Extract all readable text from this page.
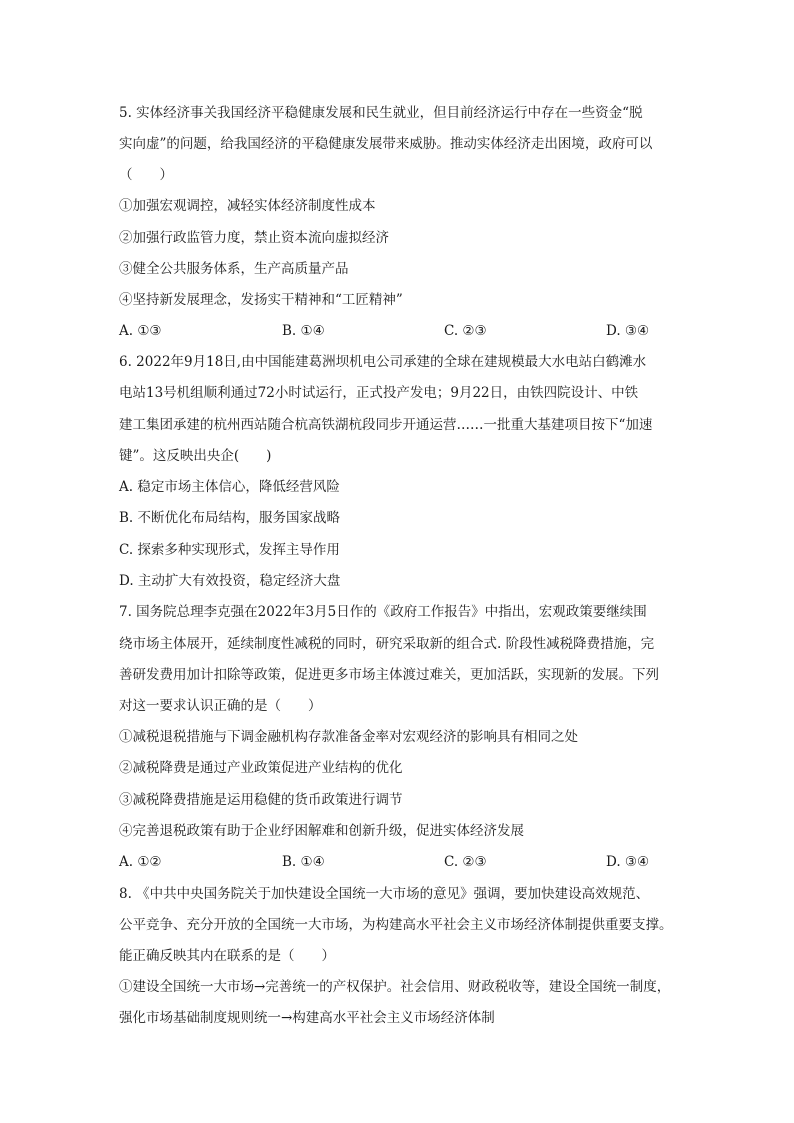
5. 实体经济事关我国经济平稳健康发展和民生就业，但目前经济运行中存在一些资金“脱
实向虚”的问题，给我国经济的平稳健康发展带来威胁。推动实体经济走出困境，政府可以
（　　）
①加强宏观调控，减轻实体经济制度性成本
②加强行政监管力度，禁止资本流向虚拟经济
③健全公共服务体系，生产高质量产品
④坚持新发展理念，发扬实干精神和“工匠精神”
A. ①③	B. ①④	C. ②③	D. ③④
6. 2022年9月18日,由中国能建葛洲坝机电公司承建的全球在建规模最大水电站白鹤滩水
电站13号机组顺利通过72小时试运行，正式投产发电；9月22日，由铁四院设计、中铁
建工集团承建的杭州西站随合杭高铁湖杭段同步开通运营……一批重大基建项目按下“加速
键”。这反映出央企(　　)
A. 稳定市场主体信心，降低经营风险
B. 不断优化布局结构，服务国家战略
C. 探索多种实现形式，发挥主导作用
D. 主动扩大有效投资，稳定经济大盘
7. 国务院总理李克强在2022年3月5日作的《政府工作报告》中指出，宏观政策要继续围
绕市场主体展开，延续制度性减税的同时，研究采取新的组合式. 阶段性减税降费措施，完
善研发费用加计扣除等政策，促进更多市场主体渡过难关，更加活跃，实现新的发展。下列
对这一要求认识正确的是（　　）
①减税退税措施与下调金融机构存款准备金率对宏观经济的影响具有相同之处
②减税降费是通过产业政策促进产业结构的优化
③减税降费措施是运用稳健的货币政策进行调节
④完善退税政策有助于企业纾困解难和创新升级，促进实体经济发展
A. ①②	B. ①④	C. ②③	D. ③④
8. 《中共中央国务院关于加快建设全国统一大市场的意见》强调，要加快建设高效规范、
公平竞争、充分开放的全国统一大市场，为构建高水平社会主义市场经济体制提供重要支撑。
能正确反映其内在联系的是（　　）
①建设全国统一大市场→完善统一的产权保护。社会信用、财政税收等，建设全国统一制度，
强化市场基础制度规则统一→构建高水平社会主义市场经济体制
